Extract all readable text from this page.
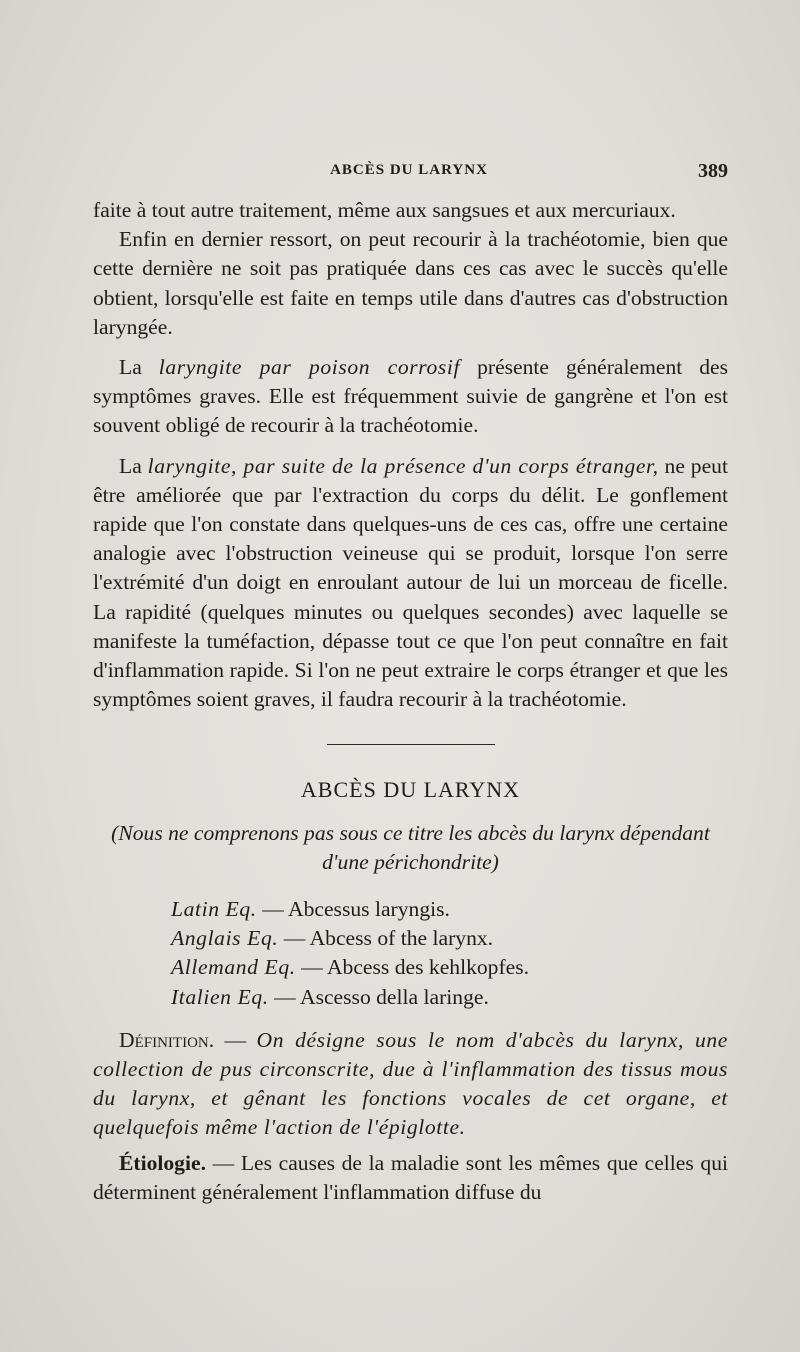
ABCÈS DU LARYNX	389

faite à tout autre traitement, même aux sangsues et aux mercuriaux.

Enfin en dernier ressort, on peut recourir à la trachéotomie, bien que cette dernière ne soit pas pratiquée dans ces cas avec le succès qu'elle obtient, lorsqu'elle est faite en temps utile dans d'autres cas d'obstruction laryngée.

La laryngite par poison corrosif présente généralement des symptômes graves. Elle est fréquemment suivie de gangrène et l'on est souvent obligé de recourir à la trachéotomie.

La laryngite, par suite de la présence d'un corps étranger, ne peut être améliorée que par l'extraction du corps du délit. Le gonflement rapide que l'on constate dans quelques-uns de ces cas, offre une certaine analogie avec l'obstruction veineuse qui se produit, lorsque l'on serre l'extrémité d'un doigt en enroulant autour de lui un morceau de ficelle. La rapidité (quelques minutes ou quelques secondes) avec laquelle se manifeste la tuméfaction, dépasse tout ce que l'on peut connaître en fait d'inflammation rapide. Si l'on ne peut extraire le corps étranger et que les symptômes soient graves, il faudra recourir à la trachéotomie.

ABCÈS DU LARYNX

(Nous ne comprenons pas sous ce titre les abcès du larynx dépendant d'une périchondrite)

Latin Eq. — Abcessus laryngis.

Anglais Eq. — Abcess of the larynx.

Allemand Eq. — Abcess des kehlkopfes.

Italien Eq. — Ascesso della laringe.

Définition. — On désigne sous le nom d'abcès du larynx, une collection de pus circonscrite, due à l'inflammation des tissus mous du larynx, et gênant les fonctions vocales de cet organe, et quelquefois même l'action de l'épiglotte.

Étiologie. — Les causes de la maladie sont les mêmes que celles qui déterminent généralement l'inflammation diffuse du
